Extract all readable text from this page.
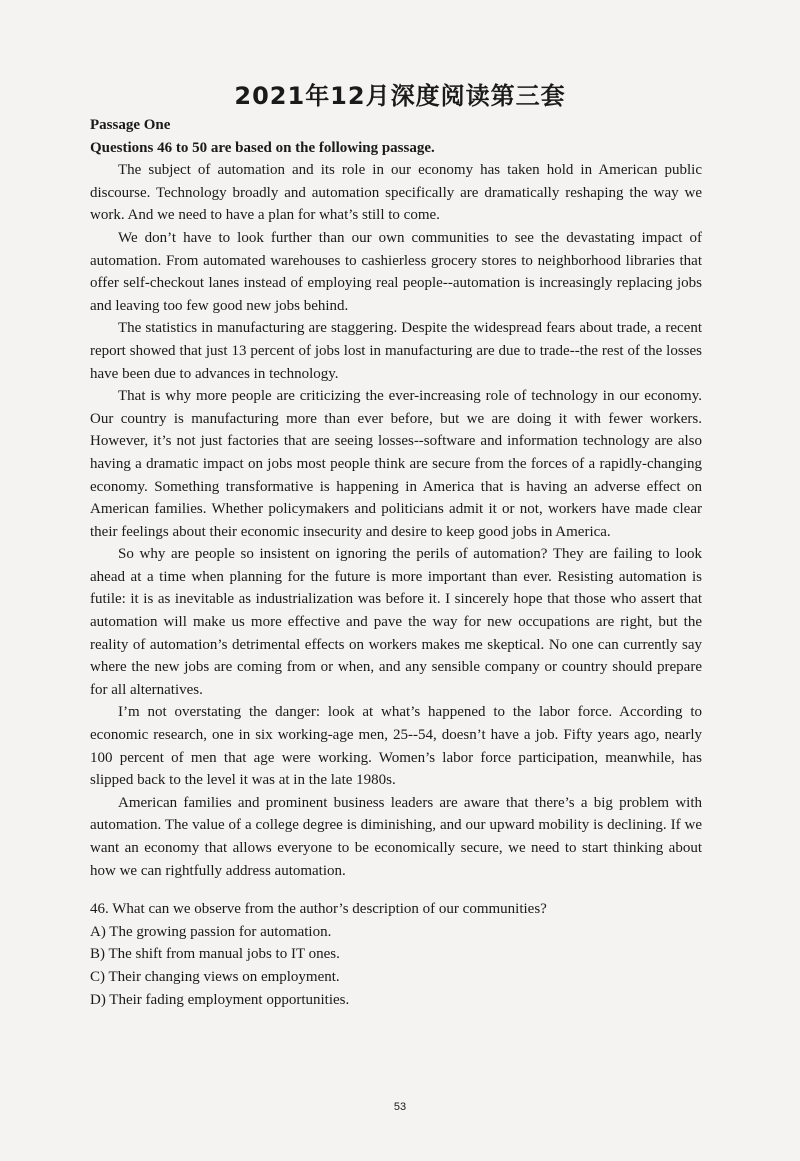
2021年12月深度阅读第三套

Passage One

Questions 46 to 50 are based on the following passage.

The subject of automation and its role in our economy has taken hold in American public discourse. Technology broadly and automation specifically are dramatically reshaping the way we work. And we need to have a plan for what’s still to come.

We don’t have to look further than our own communities to see the devastating impact of automation. From automated warehouses to cashierless grocery stores to neighborhood libraries that offer self-checkout lanes instead of employing real people--automation is increasingly replacing jobs and leaving too few good new jobs behind.

The statistics in manufacturing are staggering. Despite the widespread fears about trade, a recent report showed that just 13 percent of jobs lost in manufacturing are due to trade--the rest of the losses have been due to advances in technology.

That is why more people are criticizing the ever-increasing role of technology in our economy. Our country is manufacturing more than ever before, but we are doing it with fewer workers. However, it’s not just factories that are seeing losses--software and information technology are also having a dramatic impact on jobs most people think are secure from the forces of a rapidly-changing economy. Something transformative is happening in America that is having an adverse effect on American families. Whether policymakers and politicians admit it or not, workers have made clear their feelings about their economic insecurity and desire to keep good jobs in America.

So why are people so insistent on ignoring the perils of automation? They are failing to look ahead at a time when planning for the future is more important than ever. Resisting automation is futile: it is as inevitable as industrialization was before it. I sincerely hope that those who assert that automation will make us more effective and pave the way for new occupations are right, but the reality of automation’s detrimental effects on workers makes me skeptical. No one can currently say where the new jobs are coming from or when, and any sensible company or country should prepare for all alternatives.

I’m not overstating the danger: look at what’s happened to the labor force. According to economic research, one in six working-age men, 25--54, doesn’t have a job. Fifty years ago, nearly 100 percent of men that age were working. Women’s labor force participation, meanwhile, has slipped back to the level it was at in the late 1980s.

American families and prominent business leaders are aware that there’s a big problem with automation. The value of a college degree is diminishing, and our upward mobility is declining. If we want an economy that allows everyone to be economically secure, we need to start thinking about how we can rightfully address automation.

46. What can we observe from the author’s description of our communities?

A) The growing passion for automation.

B) The shift from manual jobs to IT ones.

C) Their changing views on employment.

D) Their fading employment opportunities.

53
